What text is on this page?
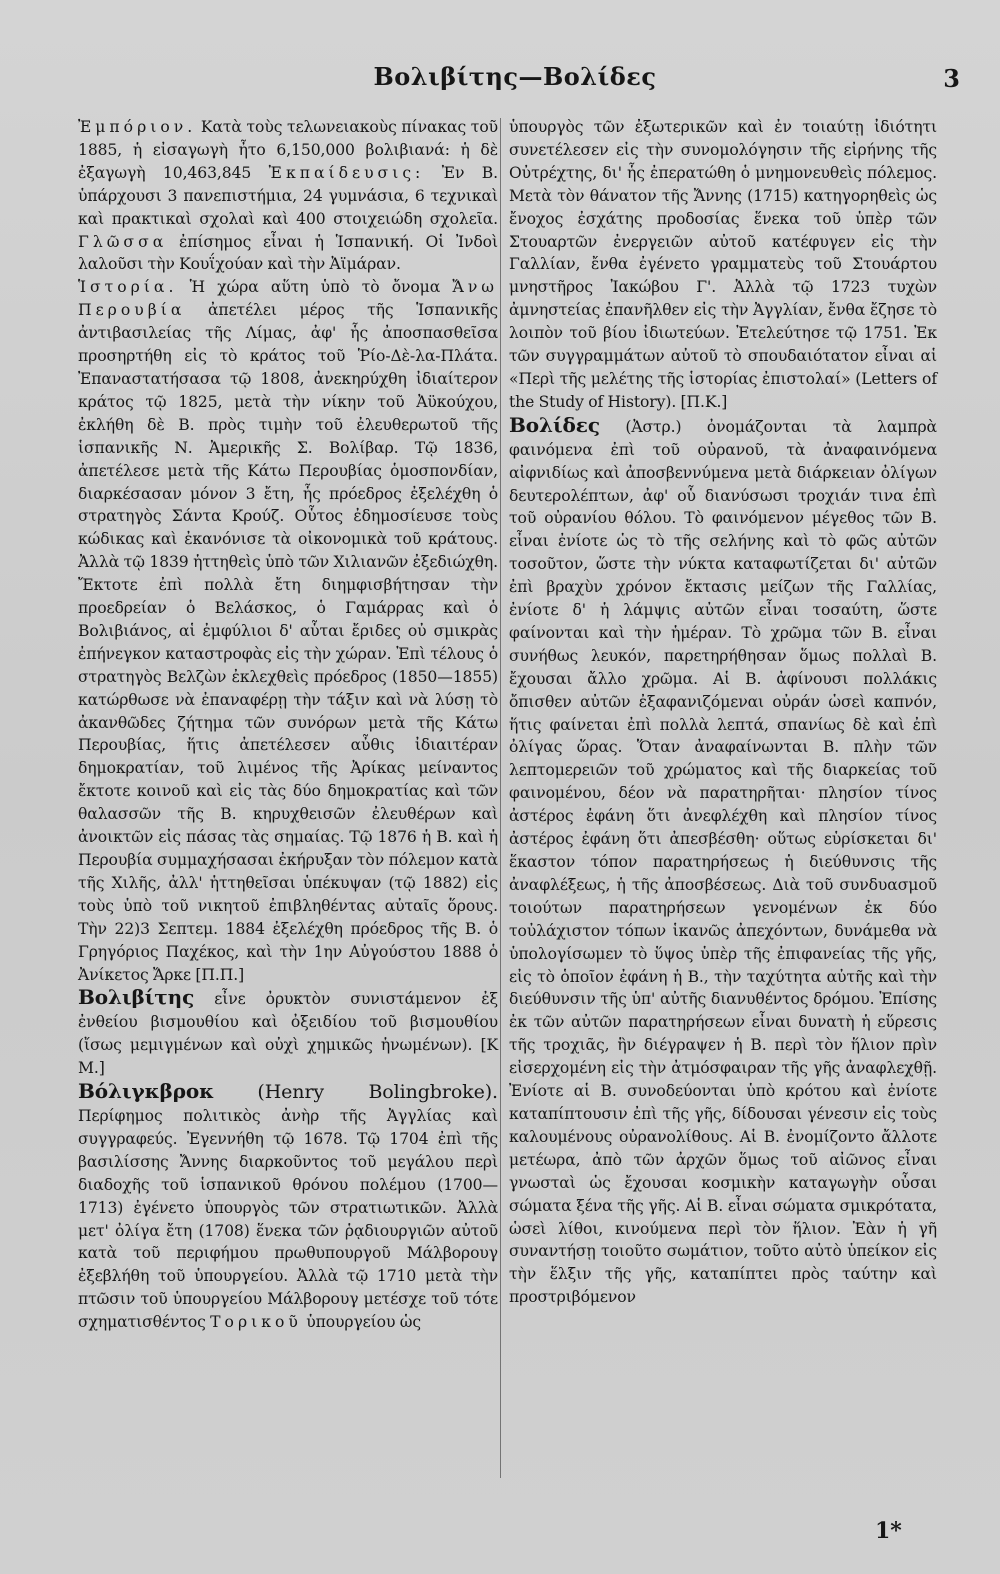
Βολιβίτης—Βολίδες	3

Ἐμπόριον. Κατὰ τοὺς τελωνειακοὺς πίνακας τοῦ 1885, ἡ εἰσαγωγὴ ἦτο 6,150,000 βολιβιανά: ἡ δὲ ἐξαγωγὴ 10,463,845 Ἐκπαίδευσις: Ἐν Β. ὑπάρχουσι 3 πανεπιστήμια, 24 γυμνάσια, 6 τεχνικαὶ καὶ πρακτικαὶ σχολαὶ καὶ 400 στοιχειώδη σχολεῖα. Γλῶσσα ἐπίσημος εἶναι ἡ Ἱσπανική. Οἱ Ἰνδοὶ λαλοῦσι τὴν Κουΐχούαν καὶ τὴν Ἀϊμάραν.

Ἱστορία. Ἡ χώρα αὕτη ὑπὸ τὸ ὄνομα Ἄνω Περουβία ἀπετέλει μέρος τῆς Ἱσπανικῆς ἀντιβασιλείας τῆς Λίμας, ἀφ' ἧς ἀποσπασθεῖσα προσηρτήθη εἰς τὸ κράτος τοῦ Ῥίο-Δὲ-λα-Πλάτα. Ἐπαναστατήσασα τῷ 1808, ἀνεκηρύχθη ἰδιαίτερον κράτος τῷ 1825, μετὰ τὴν νίκην τοῦ Ἀϋκούχου, ἐκλήθη δὲ Β. πρὸς τιμὴν τοῦ ἐλευθερωτοῦ τῆς ἱσπανικῆς Ν. Ἀμερικῆς Σ. Βολίβαρ. Τῷ 1836, ἀπετέλεσε μετὰ τῆς Κάτω Περουβίας ὁμοσπονδίαν, διαρκέσασαν μόνον 3 ἔτη, ἧς πρόεδρος ἐξελέχθη ὁ στρατηγὸς Σάντα Κρούζ. Οὗτος ἐδημοσίευσε τοὺς κώδικας καὶ ἐκανόνισε τὰ οἰκονομικὰ τοῦ κράτους. Ἀλλὰ τῷ 1839 ἡττηθεὶς ὑπὸ τῶν Χιλιανῶν ἐξεδιώχθη. Ἔκτοτε ἐπὶ πολλὰ ἔτη διημφισβήτησαν τὴν προεδρείαν ὁ Βελάσκος, ὁ Γαμάρρας καὶ ὁ Βολιβιάνος, αἱ ἐμφύλιοι δ' αὗται ἔριδες οὐ σμικρὰς ἐπήνεγκον καταστροφὰς εἰς τὴν χώραν. Ἐπὶ τέλους ὁ στρατηγὸς Βελζὼν ἐκλεχθεὶς πρόεδρος (1850—1855) κατώρθωσε νὰ ἐπαναφέρῃ τὴν τάξιν καὶ νὰ λύσῃ τὸ ἀκανθῶδες ζήτημα τῶν συνόρων μετὰ τῆς Κάτω Περουβίας, ἥτις ἀπετέλεσεν αὖθις ἰδιαιτέραν δημοκρατίαν, τοῦ λιμένος τῆς Ἀρίκας μείναντος ἔκτοτε κοινοῦ καὶ εἰς τὰς δύο δημοκρατίας καὶ τῶν θαλασσῶν τῆς Β. κηρυχθεισῶν ἐλευθέρων καὶ ἀνοικτῶν εἰς πάσας τὰς σημαίας. Τῷ 1876 ἡ Β. καὶ ἡ Περουβία συμμαχήσασαι ἐκήρυξαν τὸν πόλεμον κατὰ τῆς Χιλῆς, ἀλλ' ἡττηθεῖσαι ὑπέκυψαν (τῷ 1882) εἰς τοὺς ὑπὸ τοῦ νικητοῦ ἐπιβληθέντας αὐταῖς ὅρους. Τὴν 22)3 Σεπτεμ. 1884 ἐξελέχθη πρόεδρος τῆς Β. ὁ Γρηγόριος Παχέκος, καὶ τὴν 1ην Αὐγούστου 1888 ὁ Ἀνίκετος Ἄρκε [Π.Π.]

Βολιβίτης εἶνε ὀρυκτὸν συνιστάμενον ἐξ ἐνθείου βισμουθίου καὶ ὀξειδίου τοῦ βισμουθίου (ἴσως μεμιγμένων καὶ οὐχὶ χημικῶς ἡνωμένων). [Κ Μ.]

Βόλιγκβροκ (Henry Bolingbroke). Περίφημος πολιτικὸς ἀνὴρ τῆς Ἀγγλίας καὶ συγγραφεύς. Ἐγεννήθη τῷ 1678. Τῷ 1704 ἐπὶ τῆς βασιλίσσης Ἄννης διαρκοῦντος τοῦ μεγάλου περὶ διαδοχῆς τοῦ ἱσπανικοῦ θρόνου πολέμου (1700—1713) ἐγένετο ὑπουργὸς τῶν στρατιωτικῶν. Ἀλλὰ μετ' ὀλίγα ἔτη (1708) ἕνεκα τῶν ῥᾳδιουργιῶν αὐτοῦ κατὰ τοῦ περιφήμου πρωθυπουργοῦ Μάλβορουγ ἐξεβλήθη τοῦ ὑπουργείου. Ἀλλὰ τῷ 1710 μετὰ τὴν πτῶσιν τοῦ ὑπουργείου Μάλβορουγ μετέσχε τοῦ τότε σχηματισθέντος Τορικοῦ ὑπουργείου ὡς

ὑπουργὸς τῶν ἐξωτερικῶν καὶ ἐν τοιαύτῃ ἰδιότητι συνετέλεσεν εἰς τὴν συνομολόγησιν τῆς εἰρήνης τῆς Οὐτρέχτης, δι' ἧς ἐπερατώθη ὁ μνημονευθεὶς πόλεμος. Μετὰ τὸν θάνατον τῆς Ἄννης (1715) κατηγορηθεὶς ὡς ἔνοχος ἐσχάτης προδοσίας ἕνεκα τοῦ ὑπὲρ τῶν Στουαρτῶν ἐνεργειῶν αὐτοῦ κατέφυγεν εἰς τὴν Γαλλίαν, ἔνθα ἐγένετο γραμματεὺς τοῦ Στουάρτου μνηστῆρος Ἰακώβου Γ'. Ἀλλὰ τῷ 1723 τυχὼν ἀμνηστείας ἐπανῆλθεν εἰς τὴν Ἀγγλίαν, ἔνθα ἔζησε τὸ λοιπὸν τοῦ βίου ἰδιωτεύων. Ἐτελεύτησε τῷ 1751. Ἐκ τῶν συγγραμμάτων αὐτοῦ τὸ σπουδαιότατον εἶναι αἱ «Περὶ τῆς μελέτης τῆς ἱστορίας ἐπιστολαί» (Letters of the Study of History). [Π.Κ.]

Βολίδες (Ἀστρ.) ὀνομάζονται τὰ λαμπρὰ φαινόμενα ἐπὶ τοῦ οὐρανοῦ, τὰ ἀναφαινόμενα αἰφνιδίως καὶ ἀποσβεννύμενα μετὰ διάρκειαν ὀλίγων δευτερολέπτων, ἀφ' οὗ διανύσωσι τροχιάν τινα ἐπὶ τοῦ οὐρανίου θόλου. Τὸ φαινόμενον μέγεθος τῶν Β. εἶναι ἐνίοτε ὡς τὸ τῆς σελήνης καὶ τὸ φῶς αὐτῶν τοσοῦτον, ὥστε τὴν νύκτα καταφωτίζεται δι' αὐτῶν ἐπὶ βραχὺν χρόνον ἔκτασις μείζων τῆς Γαλλίας, ἐνίοτε δ' ἡ λάμψις αὐτῶν εἶναι τοσαύτη, ὥστε φαίνονται καὶ τὴν ἡμέραν. Τὸ χρῶμα τῶν Β. εἶναι συνήθως λευκόν, παρετηρήθησαν ὅμως πολλαὶ Β. ἔχουσαι ἄλλο χρῶμα. Αἱ Β. ἀφίνουσι πολλάκις ὄπισθεν αὐτῶν ἐξαφανιζόμεναι οὐράν ὡσεὶ καπνόν, ἥτις φαίνεται ἐπὶ πολλὰ λεπτά, σπανίως δὲ καὶ ἐπὶ ὀλίγας ὥρας. Ὅταν ἀναφαίνωνται Β. πλὴν τῶν λεπτομερειῶν τοῦ χρώματος καὶ τῆς διαρκείας τοῦ φαινομένου, δέον νὰ παρατηρῆται· πλησίον τίνος ἀστέρος ἐφάνη ὅτι ἀνεφλέχθη καὶ πλησίον τίνος ἀστέρος ἐφάνη ὅτι ἀπεσβέσθη· οὕτως εὑρίσκεται δι' ἕκαστον τόπον παρατηρήσεως ἡ διεύθυνσις τῆς ἀναφλέξεως, ἡ τῆς ἀποσβέσεως. Διὰ τοῦ συνδυασμοῦ τοιούτων παρατηρήσεων γενομένων ἐκ δύο τοὐλάχιστον τόπων ἱκανῶς ἀπεχόντων, δυνάμεθα νὰ ὑπολογίσωμεν τὸ ὕψος ὑπὲρ τῆς ἐπιφανείας τῆς γῆς, εἰς τὸ ὁποῖον ἐφάνη ἡ Β., τὴν ταχύτητα αὐτῆς καὶ τὴν διεύθυνσιν τῆς ὑπ' αὐτῆς διανυθέντος δρόμου. Ἐπίσης ἐκ τῶν αὐτῶν παρατηρήσεων εἶναι δυνατὴ ἡ εὕρεσις τῆς τροχιᾶς, ἣν διέγραψεν ἡ Β. περὶ τὸν ἥλιον πρὶν εἰσερχομένη εἰς τὴν ἀτμόσφαιραν τῆς γῆς ἀναφλεχθῇ. Ἐνίοτε αἱ Β. συνοδεύονται ὑπὸ κρότου καὶ ἐνίοτε καταπίπτουσιν ἐπὶ τῆς γῆς, δίδουσαι γένεσιν εἰς τοὺς καλουμένους οὐρανολίθους. Αἱ Β. ἐνομίζοντο ἄλλοτε μετέωρα, ἀπὸ τῶν ἀρχῶν ὅμως τοῦ αἰῶνος εἶναι γνωσταὶ ὡς ἔχουσαι κοσμικὴν καταγωγὴν οὖσαι σώματα ξένα τῆς γῆς. Αἱ Β. εἶναι σώματα σμικρότατα, ὡσεὶ λίθοι, κινούμενα περὶ τὸν ἥλιον. Ἐὰν ἡ γῆ συναντήσῃ τοιοῦτο σωμάτιον, τοῦτο αὐτὸ ὑπείκον εἰς τὴν ἕλξιν τῆς γῆς, καταπίπτει πρὸς ταύτην καὶ προστριβόμενον

1*
